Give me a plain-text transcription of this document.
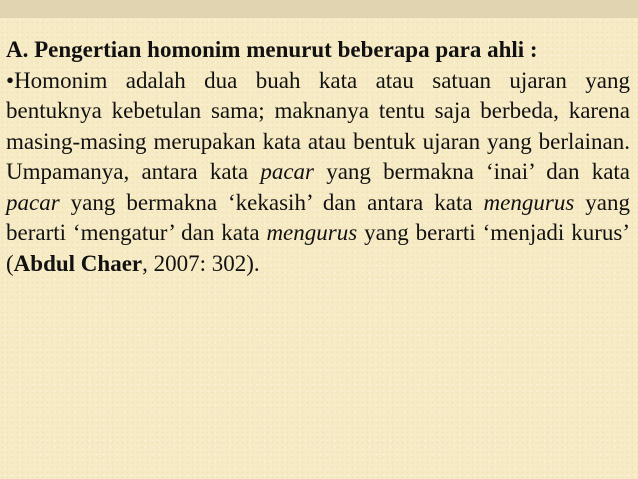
A. Pengertian homonim menurut beberapa para ahli :

•Homonim adalah dua buah kata atau satuan ujaran yang bentuknya kebetulan sama; maknanya tentu saja berbeda, karena masing-masing merupakan kata atau bentuk ujaran yang berlainan. Umpamanya, antara kata pacar yang bermakna ‘inai’ dan kata pacar yang bermakna ‘kekasih’ dan antara kata mengurus yang berarti ‘mengatur’ dan kata mengurus yang berarti ‘menjadi kurus’ (Abdul Chaer, 2007: 302).
